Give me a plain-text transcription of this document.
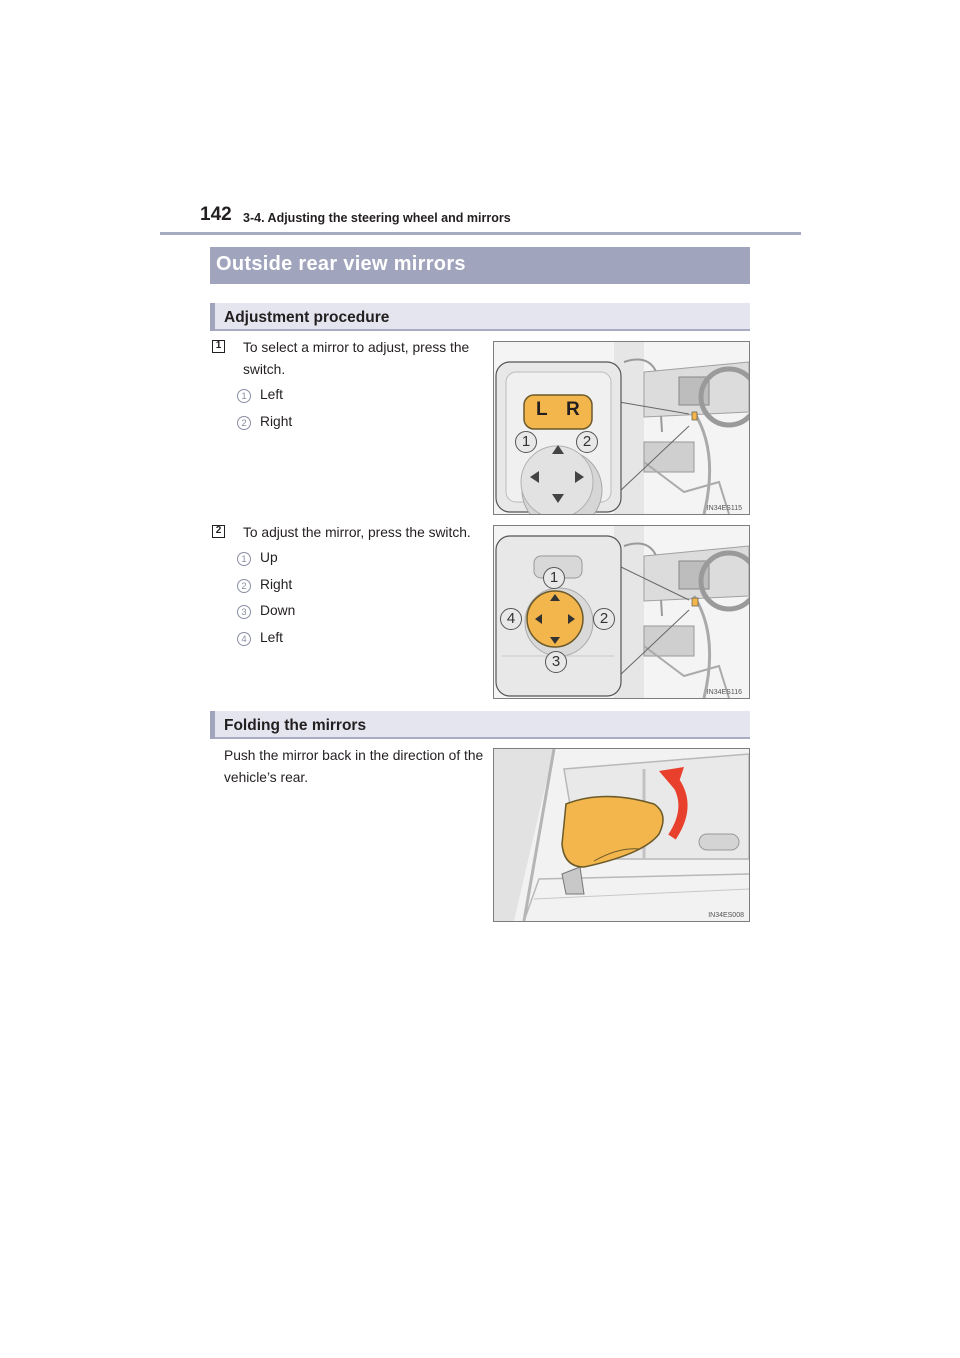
142 3-4. Adjusting the steering wheel and mirrors
Outside rear view mirrors
Adjustment procedure
1 To select a mirror to adjust, press the switch.
1 Left
2 Right
IN34ES115
L R
1	2
2 To adjust the mirror, press the switch.
1 Up
2 Right
3 Down
4 Left
IN34ES116
1
2
3
4
Folding the mirrors
Push the mirror back in the direction of the vehicle’s rear.
IN34ES008
